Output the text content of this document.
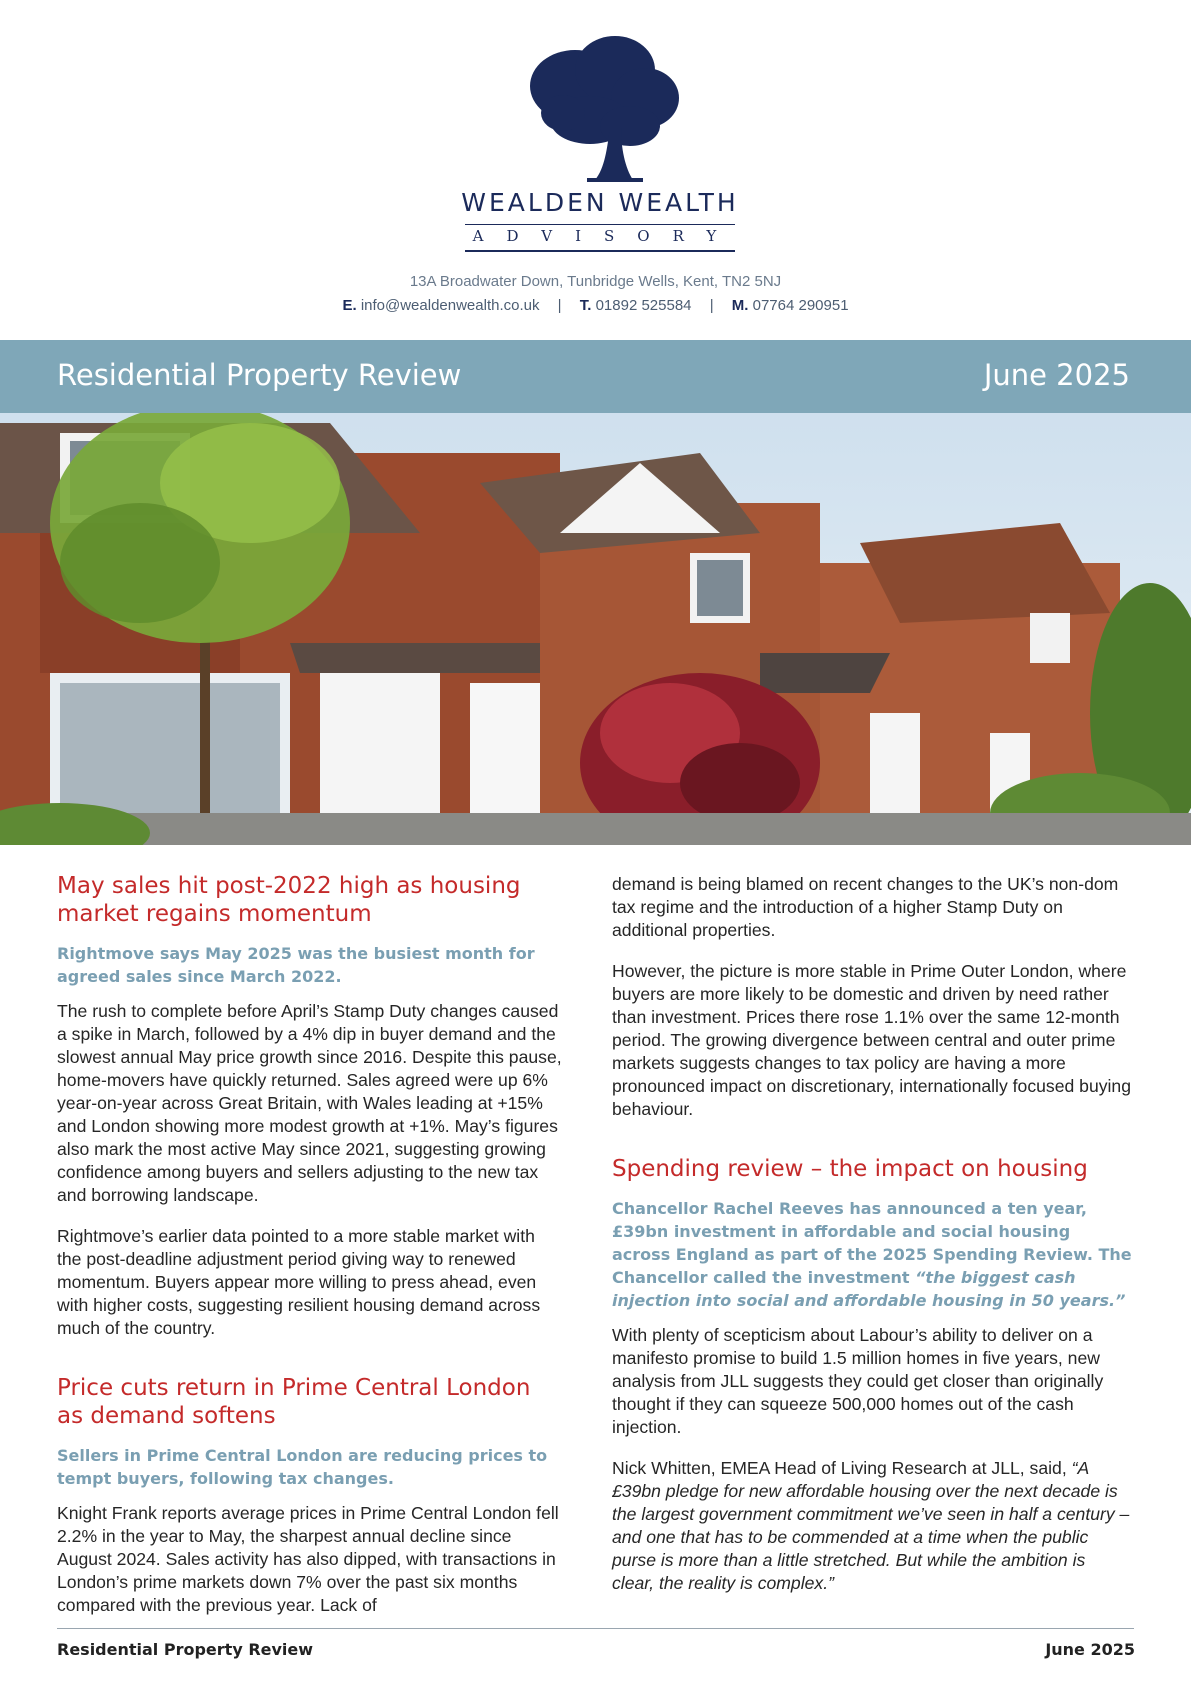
WEALDEN WEALTH
ADVISORY
13A Broadwater Down, Tunbridge Wells, Kent, TN2 5NJ
E. info@wealdenwealth.co.uk | T. 01892 525584 | M. 07764 290951
Residential Property Review	June 2025
May sales hit post-2022 high as housing market regains momentum
Rightmove says May 2025 was the busiest month for agreed sales since March 2022.

The rush to complete before April’s Stamp Duty changes caused a spike in March, followed by a 4% dip in buyer demand and the slowest annual May price growth since 2016. Despite this pause, home-movers have quickly returned. Sales agreed were up 6% year-on-year across Great Britain, with Wales leading at +15% and London showing more modest growth at +1%. May’s figures also mark the most active May since 2021, suggesting growing confidence among buyers and sellers adjusting to the new tax and borrowing landscape.

Rightmove’s earlier data pointed to a more stable market with the post-deadline adjustment period giving way to renewed momentum. Buyers appear more willing to press ahead, even with higher costs, suggesting resilient housing demand across much of the country.

Price cuts return in Prime Central London as demand softens
Sellers in Prime Central London are reducing prices to tempt buyers, following tax changes.

Knight Frank reports average prices in Prime Central London fell 2.2% in the year to May, the sharpest annual decline since August 2024. Sales activity has also dipped, with transactions in London’s prime markets down 7% over the past six months compared with the previous year. Lack of

demand is being blamed on recent changes to the UK’s non-dom tax regime and the introduction of a higher Stamp Duty on additional properties.

However, the picture is more stable in Prime Outer London, where buyers are more likely to be domestic and driven by need rather than investment. Prices there rose 1.1% over the same 12-month period. The growing divergence between central and outer prime markets suggests changes to tax policy are having a more pronounced impact on discretionary, internationally focused buying behaviour.

Spending review – the impact on housing
Chancellor Rachel Reeves has announced a ten year, £39bn investment in affordable and social housing across England as part of the 2025 Spending Review. The Chancellor called the investment “the biggest cash injection into social and affordable housing in 50 years.”

With plenty of scepticism about Labour’s ability to deliver on a manifesto promise to build 1.5 million homes in five years, new analysis from JLL suggests they could get closer than originally thought if they can squeeze 500,000 homes out of the cash injection.

Nick Whitten, EMEA Head of Living Research at JLL, said, “A £39bn pledge for new affordable housing over the next decade is the largest government commitment we’ve seen in half a century – and one that has to be commended at a time when the public purse is more than a little stretched. But while the ambition is clear, the reality is complex.”

Residential Property Review	June 2025
